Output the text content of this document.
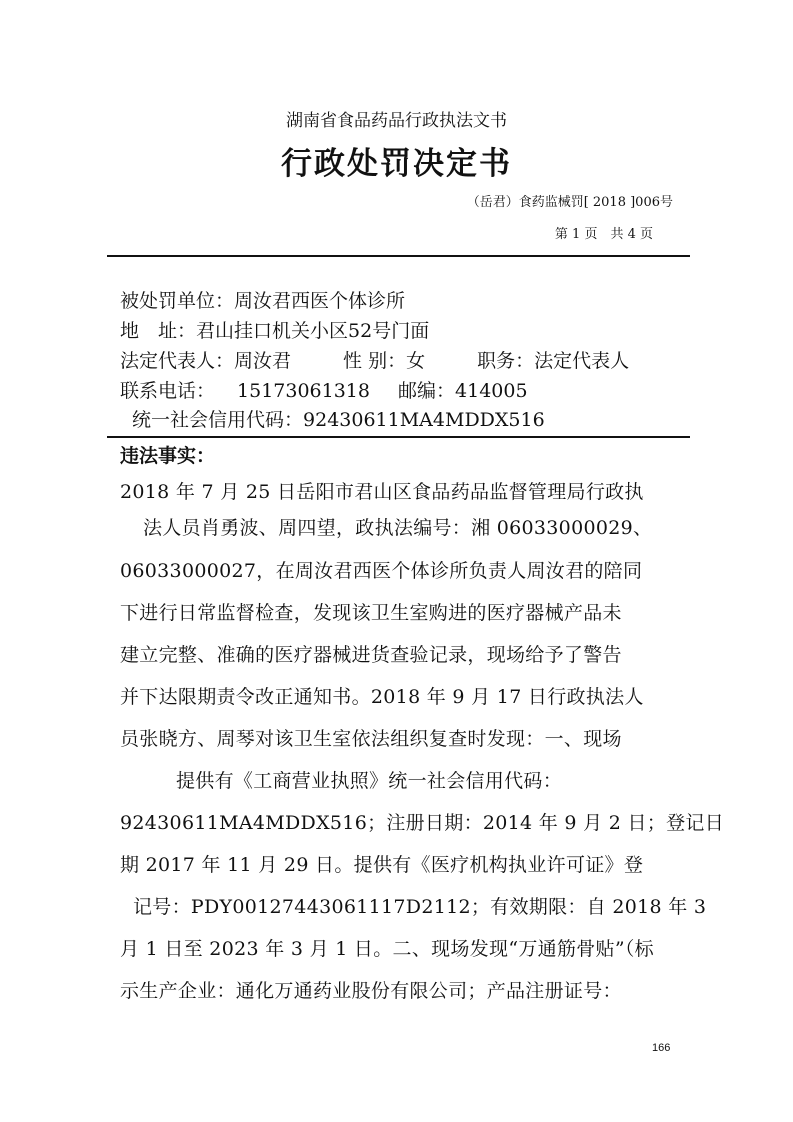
湖南省食品药品行政执法文书
行政处罚决定书
（岳君）食药监械罚[ 2018 ]006号
第 1 页　共 4 页
被处罚单位：周汝君西医个体诊所
地　址：君山挂口机关小区52号门面
法定代表人：周汝君	性 别：女	职务：法定代表人
联系电话： 15173061318 邮编：414005
统一社会信用代码：92430611MA4MDDX516
违法事实：
2018 年 7 月 25 日岳阳市君山区食品药品监督管理局行政执
法人员肖勇波、周四望，政执法编号：湘 06033000029、
06033000027，在周汝君西医个体诊所负责人周汝君的陪同
下进行日常监督检查，发现该卫生室购进的医疗器械产品未
建立完整、准确的医疗器械进货查验记录，现场给予了警告
并下达限期责令改正通知书。2018 年 9 月 17 日行政执法人
员张晓方、周琴对该卫生室依法组织复查时发现：一、现场
提供有《工商营业执照》统一社会信用代码：
92430611MA4MDDX516；注册日期：2014 年 9 月 2 日；登记日
期 2017 年 11 月 29 日。提供有《医疗机构执业许可证》登
记号：PDY00127443061117D2112；有效期限：自 2018 年 3
月 1 日至 2023 年 3 月 1 日。二、现场发现“万通筋骨贴”（标
示生产企业：通化万通药业股份有限公司；产品注册证号：
166
